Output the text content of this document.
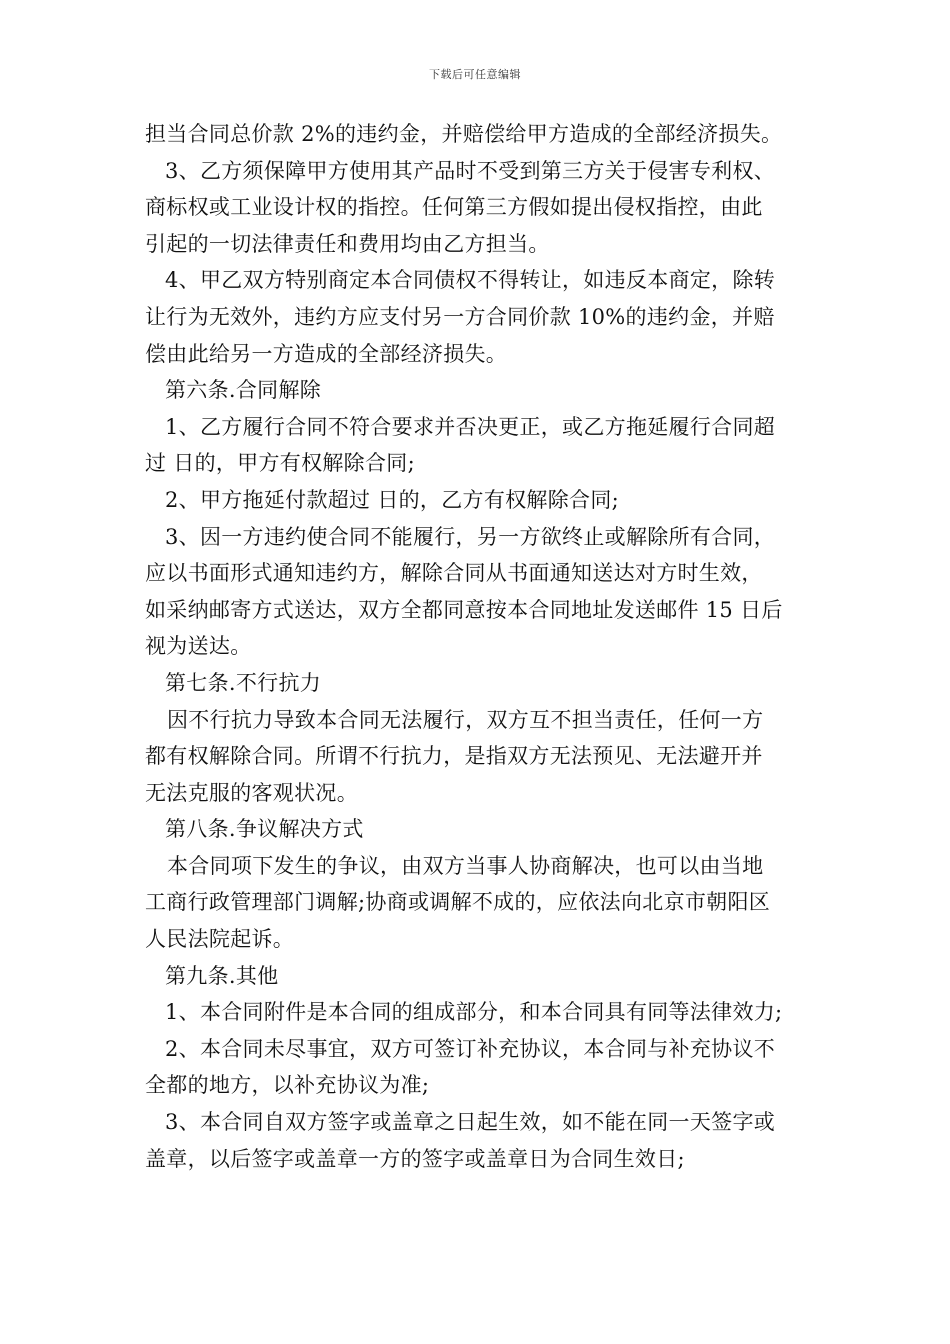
下载后可任意编辑
担当合同总价款 2%的违约金，并赔偿给甲方造成的全部经济损失。
3、乙方须保障甲方使用其产品时不受到第三方关于侵害专利权、
商标权或工业设计权的指控。任何第三方假如提出侵权指控，由此
引起的一切法律责任和费用均由乙方担当。
4、甲乙双方特别商定本合同债权不得转让，如违反本商定，除转
让行为无效外，违约方应支付另一方合同价款 10%的违约金，并赔
偿由此给另一方造成的全部经济损失。
第六条.合同解除
1、乙方履行合同不符合要求并否决更正，或乙方拖延履行合同超
过 日的，甲方有权解除合同;
2、甲方拖延付款超过 日的，乙方有权解除合同;
3、因一方违约使合同不能履行，另一方欲终止或解除所有合同，
应以书面形式通知违约方，解除合同从书面通知送达对方时生效，
如采纳邮寄方式送达，双方全都同意按本合同地址发送邮件 15 日后
视为送达。
第七条.不行抗力
因不行抗力导致本合同无法履行，双方互不担当责任，任何一方
都有权解除合同。所谓不行抗力，是指双方无法预见、无法避开并
无法克服的客观状况。
第八条.争议解决方式
本合同项下发生的争议，由双方当事人协商解决，也可以由当地
工商行政管理部门调解;协商或调解不成的，应依法向北京市朝阳区
人民法院起诉。
第九条.其他
1、本合同附件是本合同的组成部分，和本合同具有同等法律效力;
2、本合同未尽事宜，双方可签订补充协议，本合同与补充协议不
全都的地方，以补充协议为准;
3、本合同自双方签字或盖章之日起生效，如不能在同一天签字或
盖章，以后签字或盖章一方的签字或盖章日为合同生效日;
